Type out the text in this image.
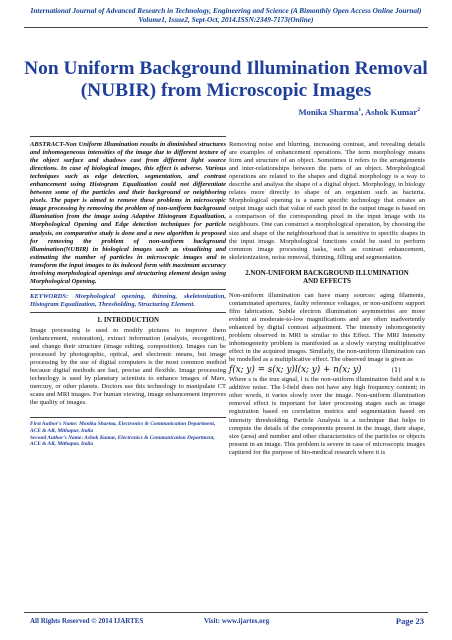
International Journal of Advanced Research in Technology, Engineering and Science (A Bimonthly Open Access Online Journal) Volume1, Issue2, Sept-Oct, 2014.ISSN:2349-7173(Online)
Non Uniform Background Illumination Removal (NUBIR) from Microscopic Images
Monika Sharma$^1$, Ashok Kumar$^2$

ABSTRACT-Non Uniform Illumination results in diminished structures and inhomogeneous intensities of the image due to different texture of the object surface and shadows cast from different light source directions. In case of biological images, this effect is adverse. Various techniques such as edge detection, segmentation, and contrast enhancement using Histogram Equalization could not differentiate between some of the particles and their background or neighboring pixels. The paper is aimed to remove these problems in microscopic image processing by removing the problem of non-uniform background illumination from the image using Adaptive Histogram Equalization, Morphological Opening and Edge detection techniques for particle analysis, on comparative study is done and a new algorithm is proposed for removing the problem of non-uniform background illumination(NUBIR) in biological images such as visualizing and estimating the number of particles in microscopic images and to transform the input images to its indexed form with maximum accuracy involving morphological openings and structuring element design using Morphological Opening.

KEYWORDS: Morphological opening, thinning, skeletonization, Histogram Equalization, Thresholding, Structuring Element.

1. INTRODUCTION

Image processing is used to modify pictures to improve them (enhancement, restoration), extract information (analysis, recognition), and change their structure (image editing, composition). Images can be processed by photographic, optical, and electronic means, but image processing by the use of digital computers is the most common method because digital methods are fast, precise and flexible. Image processing technology is used by planetary scientists to enhance images of Mars, mercury, or other planets. Doctors use this technology to manipulate CT scans and MRI images. For human viewing, image enhancement improves the quality of images.

First Author's Name: Monika Sharma, Electronics & Communication Department, ACE & AR, Mithapur, India
Second Author's Name: Ashok Kumar, Electronics & Communication Department, ACE & AR, Mithapur, India

Removing noise and blurring, increasing contrast, and revealing details are examples of enhancement operations. The term morphology means form and structure of an object. Sometimes it refers to the arrangements and inter-relationships between the parts of an object. Morphological operations are related to the shapes and digital morphology is a way to describe and analyse the shape of a digital object. Morphology, in biology relates more directly to shape of an organism such as bacteria. Morphological opening is a name specific technology that creates an output image such that value of each pixel in the output image is based on a comparison of the corresponding pixel in the input image with its neighbours. One can construct a morphological operation, by choosing the size and shape of the neighbourhood that is sensitive to specific shapes in the input image. Morphological functions could be used to perform common image processing tasks, such as contrast enhancement, skeletonization, noise removal, thinning, filling and segmentation.

2.NON-UNIFORM BACKGROUND ILLUMINATION
AND EFFECTS

Non-uniform illumination can have many sources: aging filaments, contaminated apertures, faulty reference voltages, or non-uniform support film fabrication. Subtle electron illumination asymmetries are more evident at moderate-to-low magnifications and are often inadvertently enhanced by digital contrast adjustment. The intensity inhomogeneity problem observed in MRI is similar to this Effect. The MRI Intensity inhomogeneity problem is manifested as a slowly varying multiplicative effect in the acquired images. Similarly, the non-uniform illumination can be modelled as a multiplicative effect. The observed image is given as

f(x; y) = s(x; y)l(x; y) + n(x; y)	(1)

Where s is the true signal, l is the non-uniform illumination field and n is additive noise. The l-field does not have any high frequency content; in other words, it varies slowly over the image. Non-uniform illumination removal effect is important for later processing stages such as image registration based on correlation metrics and segmentation based on intensity thresholding. Particle Analysis is a technique that helps to compute the details of the components present in the image, their shape, size (area) and number and other characteristics of the particles or objects present in an image. This problem is severe in case of microscopic images captured for the purpose of bio-medical research where it is

All Rights Reserved © 2014 IJARTES	Visit: www.ijartes.org	Page 23
